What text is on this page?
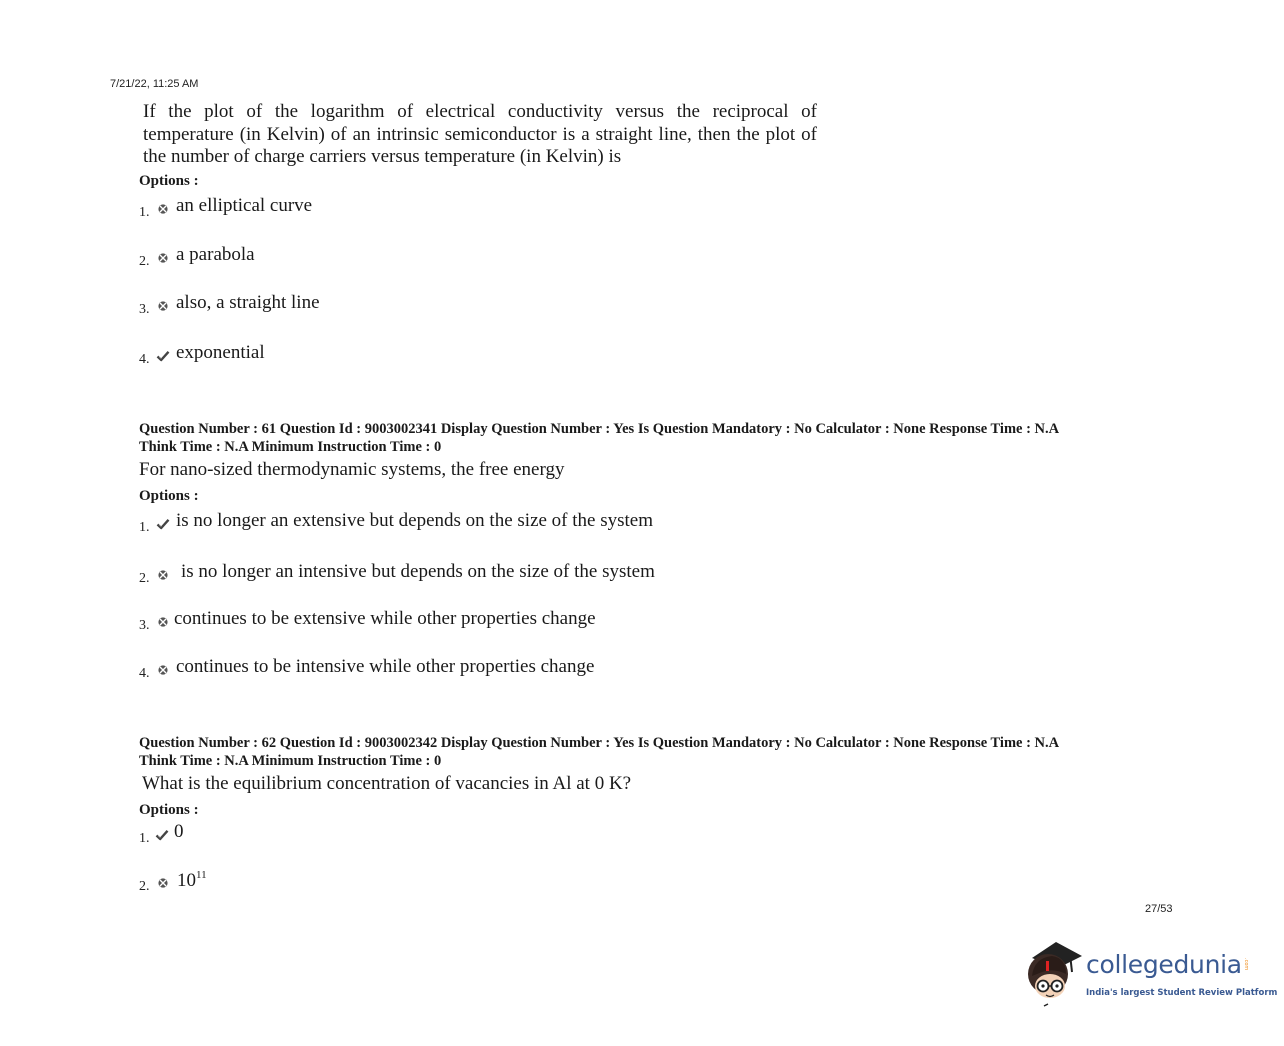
7/21/22, 11:25 AM
If the plot of the logarithm of electrical conductivity versus the reciprocal of temperature (in Kelvin) of an intrinsic semiconductor is a straight line, then the plot of the number of charge carriers versus temperature (in Kelvin) is
Options :
1. an elliptical curve
2. a parabola
3. also, a straight line
4. exponential
Question Number : 61 Question Id : 9003002341 Display Question Number : Yes Is Question Mandatory : No Calculator : None Response Time : N.A
Think Time : N.A Minimum Instruction Time : 0
For nano-sized thermodynamic systems, the free energy
Options :
1. is no longer an extensive but depends on the size of the system
2. is no longer an intensive but depends on the size of the system
3. continues to be extensive while other properties change
4. continues to be intensive while other properties change
Question Number : 62 Question Id : 9003002342 Display Question Number : Yes Is Question Mandatory : No Calculator : None Response Time : N.A
Think Time : N.A Minimum Instruction Time : 0
What is the equilibrium concentration of vacancies in Al at 0 K?
Options :
1. 0
2. $10^{11}$
27/53
collegedunia .com
India's largest Student Review Platform
